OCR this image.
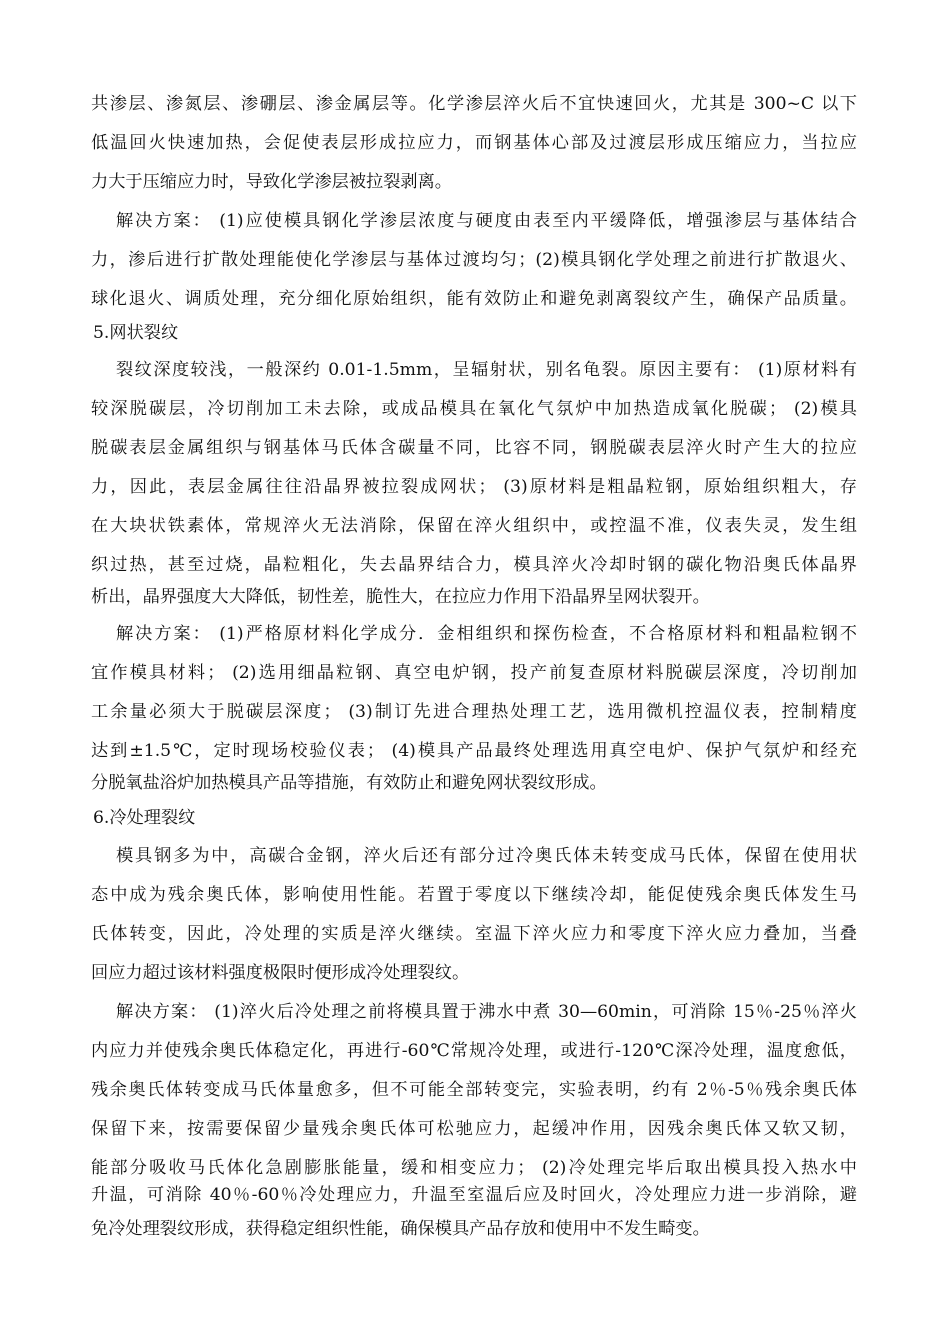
共渗层、渗氮层、渗硼层、渗金属层等。化学渗层淬火后不宜快速回火，尤其是 300~C 以下
低温回火快速加热，会促使表层形成拉应力，而钢基体心部及过渡层形成压缩应力，当拉应
力大于压缩应力时，导致化学渗层被拉裂剥离。
解决方案： (1)应使模具钢化学渗层浓度与硬度由表至内平缓降低，增强渗层与基体结合
力，渗后进行扩散处理能使化学渗层与基体过渡均匀；(2)模具钢化学处理之前进行扩散退火、
球化退火、调质处理，充分细化原始组织，能有效防止和避免剥离裂纹产生，确保产品质量。
5.网状裂纹
裂纹深度较浅，一般深约 0.01-1.5mm，呈辐射状，别名龟裂。原因主要有： (1)原材料有
较深脱碳层，冷切削加工未去除，或成品模具在氧化气氛炉中加热造成氧化脱碳； (2)模具
脱碳表层金属组织与钢基体马氏体含碳量不同，比容不同，钢脱碳表层淬火时产生大的拉应
力，因此，表层金属往往沿晶界被拉裂成网状； (3)原材料是粗晶粒钢，原始组织粗大，存
在大块状铁素体，常规淬火无法消除，保留在淬火组织中，或控温不准，仪表失灵，发生组
织过热，甚至过烧，晶粒粗化，失去晶界结合力，模具淬火冷却时钢的碳化物沿奥氏体晶界
析出，晶界强度大大降低，韧性差，脆性大，在拉应力作用下沿晶界呈网状裂开。
解决方案： (1)严格原材料化学成分．金相组织和探伤检查，不合格原材料和粗晶粒钢不
宜作模具材料； (2)选用细晶粒钢、真空电炉钢，投产前复查原材料脱碳层深度，冷切削加
工余量必须大于脱碳层深度； (3)制订先进合理热处理工艺，选用微机控温仪表，控制精度
达到±1.5℃，定时现场校验仪表； (4)模具产品最终处理选用真空电炉、保护气氛炉和经充
分脱氧盐浴炉加热模具产品等措施，有效防止和避免网状裂纹形成。
6.冷处理裂纹
模具钢多为中，高碳合金钢，淬火后还有部分过冷奥氏体未转变成马氏体，保留在使用状
态中成为残余奥氏体，影响使用性能。若置于零度以下继续冷却，能促使残余奥氏体发生马
氏体转变，因此，冷处理的实质是淬火继续。室温下淬火应力和零度下淬火应力叠加，当叠
回应力超过该材料强度极限时便形成冷处理裂纹。
解决方案： (1)淬火后冷处理之前将模具置于沸水中煮 30—60min，可消除 15％-25％淬火
内应力并使残余奥氏体稳定化，再进行-60℃常规冷处理，或进行-120℃深冷处理，温度愈低，
残余奥氏体转变成马氏体量愈多，但不可能全部转变完，实验表明，约有 2％-5％残余奥氏体
保留下来，按需要保留少量残余奥氏体可松驰应力，起缓冲作用，因残余奥氏体又软又韧，
能部分吸收马氏体化急剧膨胀能量，缓和相变应力； (2)冷处理完毕后取出模具投入热水中
升温，可消除 40％-60％冷处理应力，升温至室温后应及时回火，冷处理应力进一步消除，避
免冷处理裂纹形成，获得稳定组织性能，确保模具产品存放和使用中不发生畸变。
